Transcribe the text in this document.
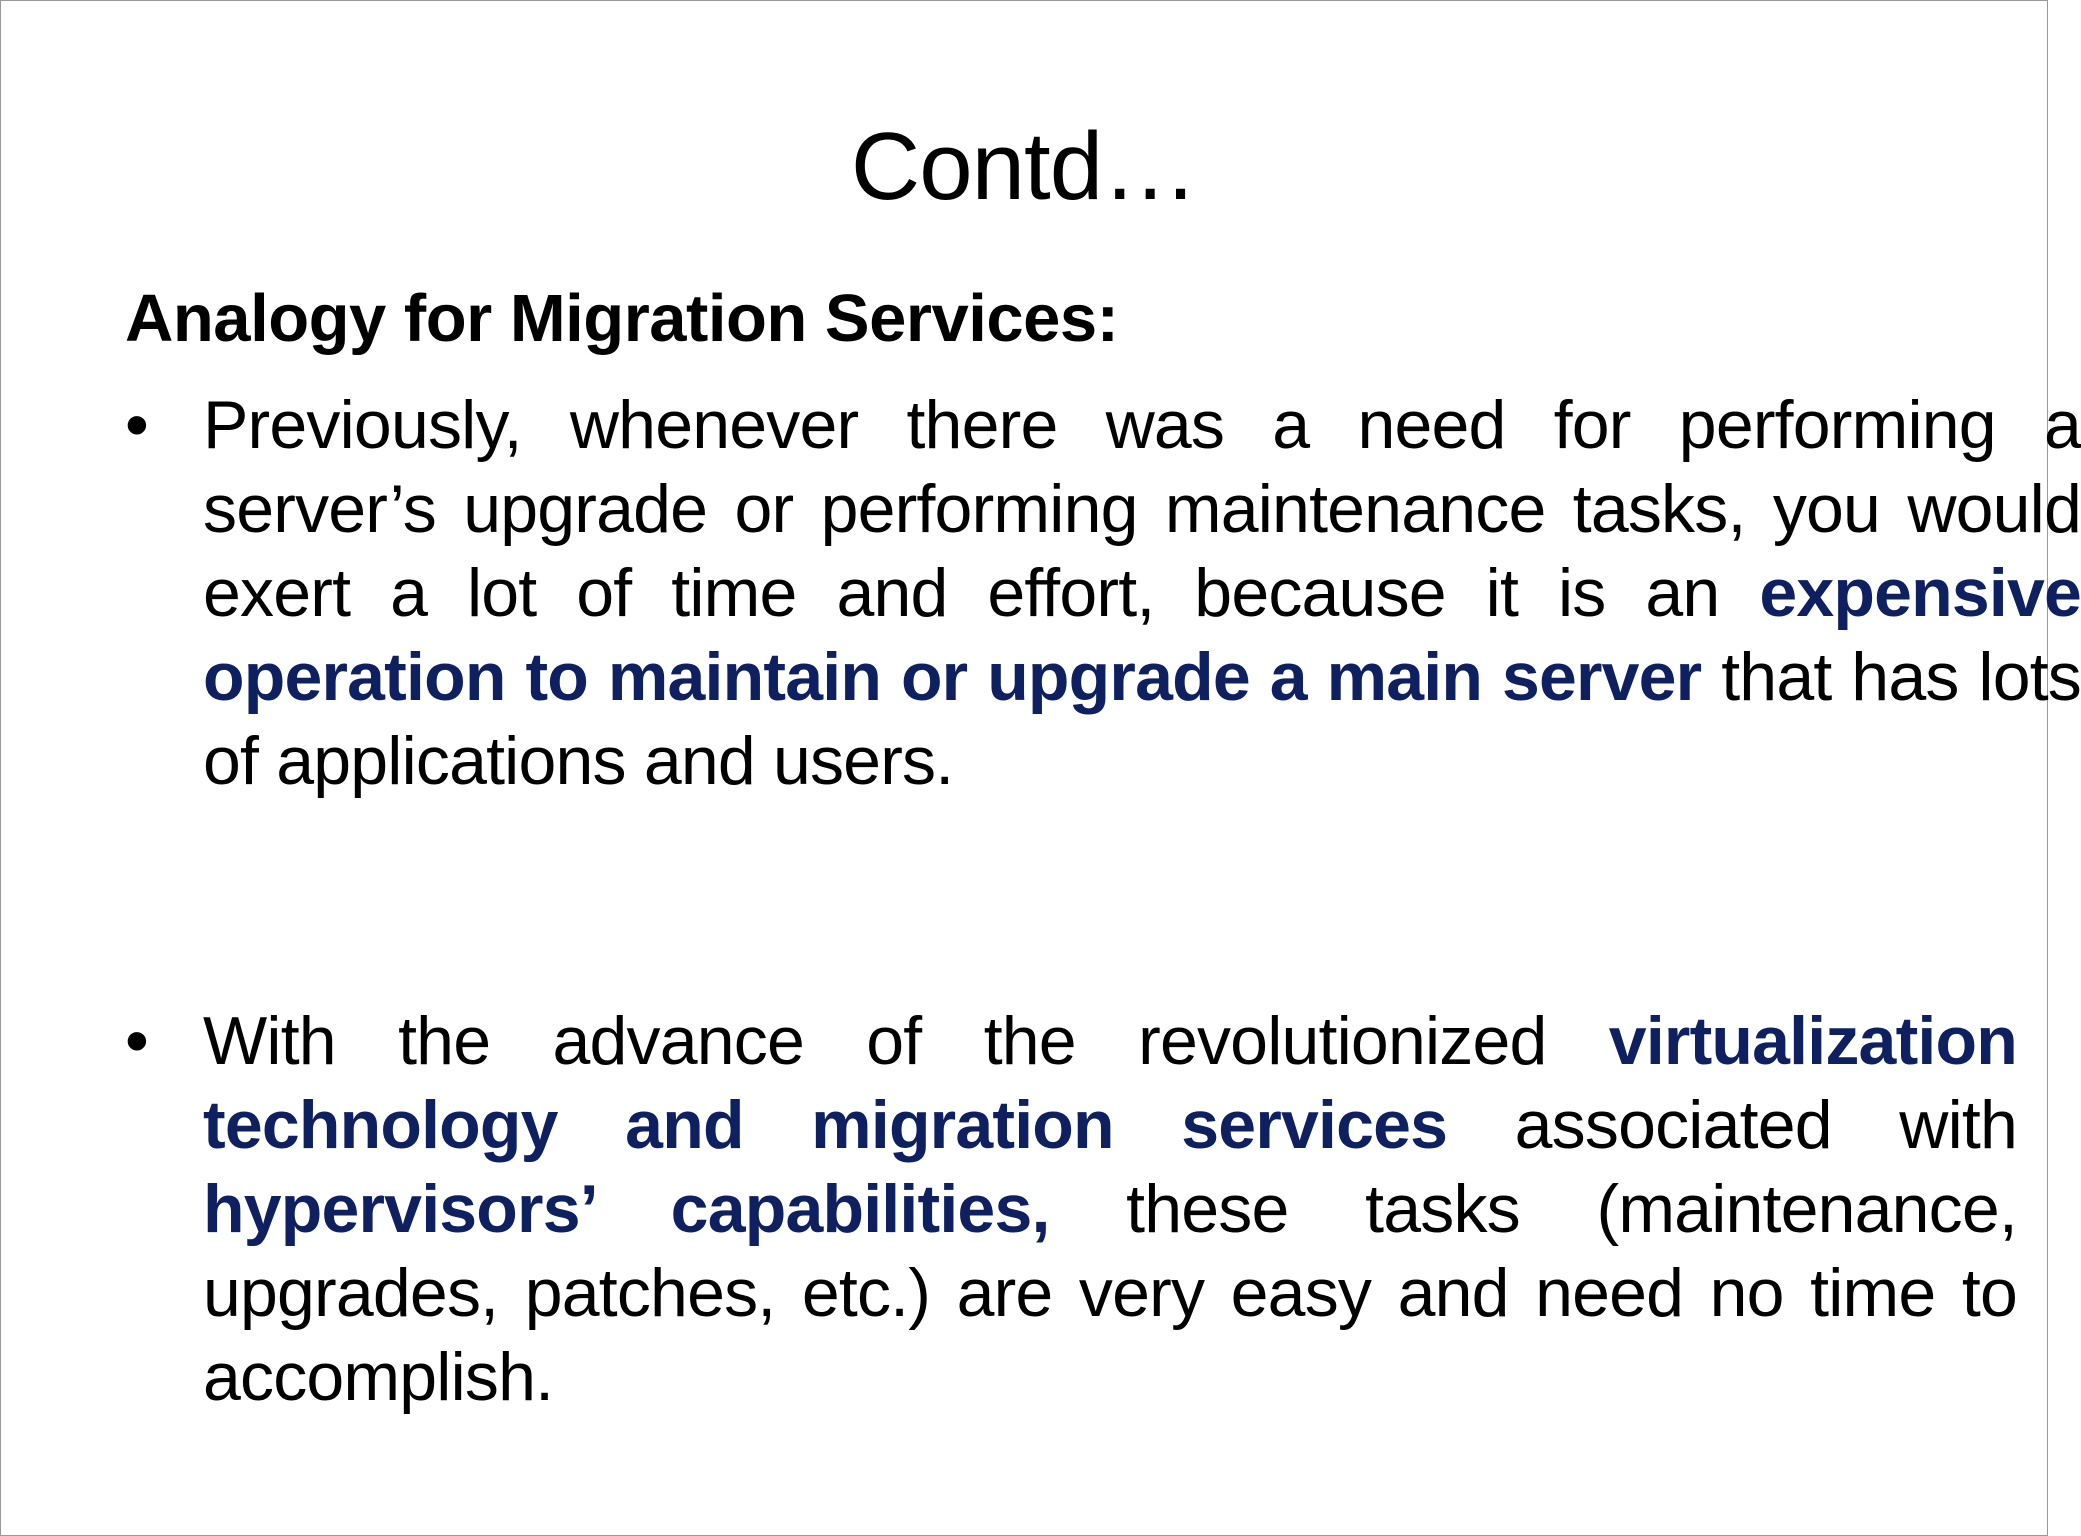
Contd…
Analogy for Migration Services:
• Previously, whenever there was a need for performing a server’s upgrade or performing maintenance tasks, you would exert a lot of time and effort, because it is an expensive operation to maintain or upgrade a main server that has lots of applications and users.

• With the advance of the revolutionized virtualization technology and migration services associated with hypervisors’ capabilities, these tasks (maintenance, upgrades, patches, etc.) are very easy and need no time to accomplish.
